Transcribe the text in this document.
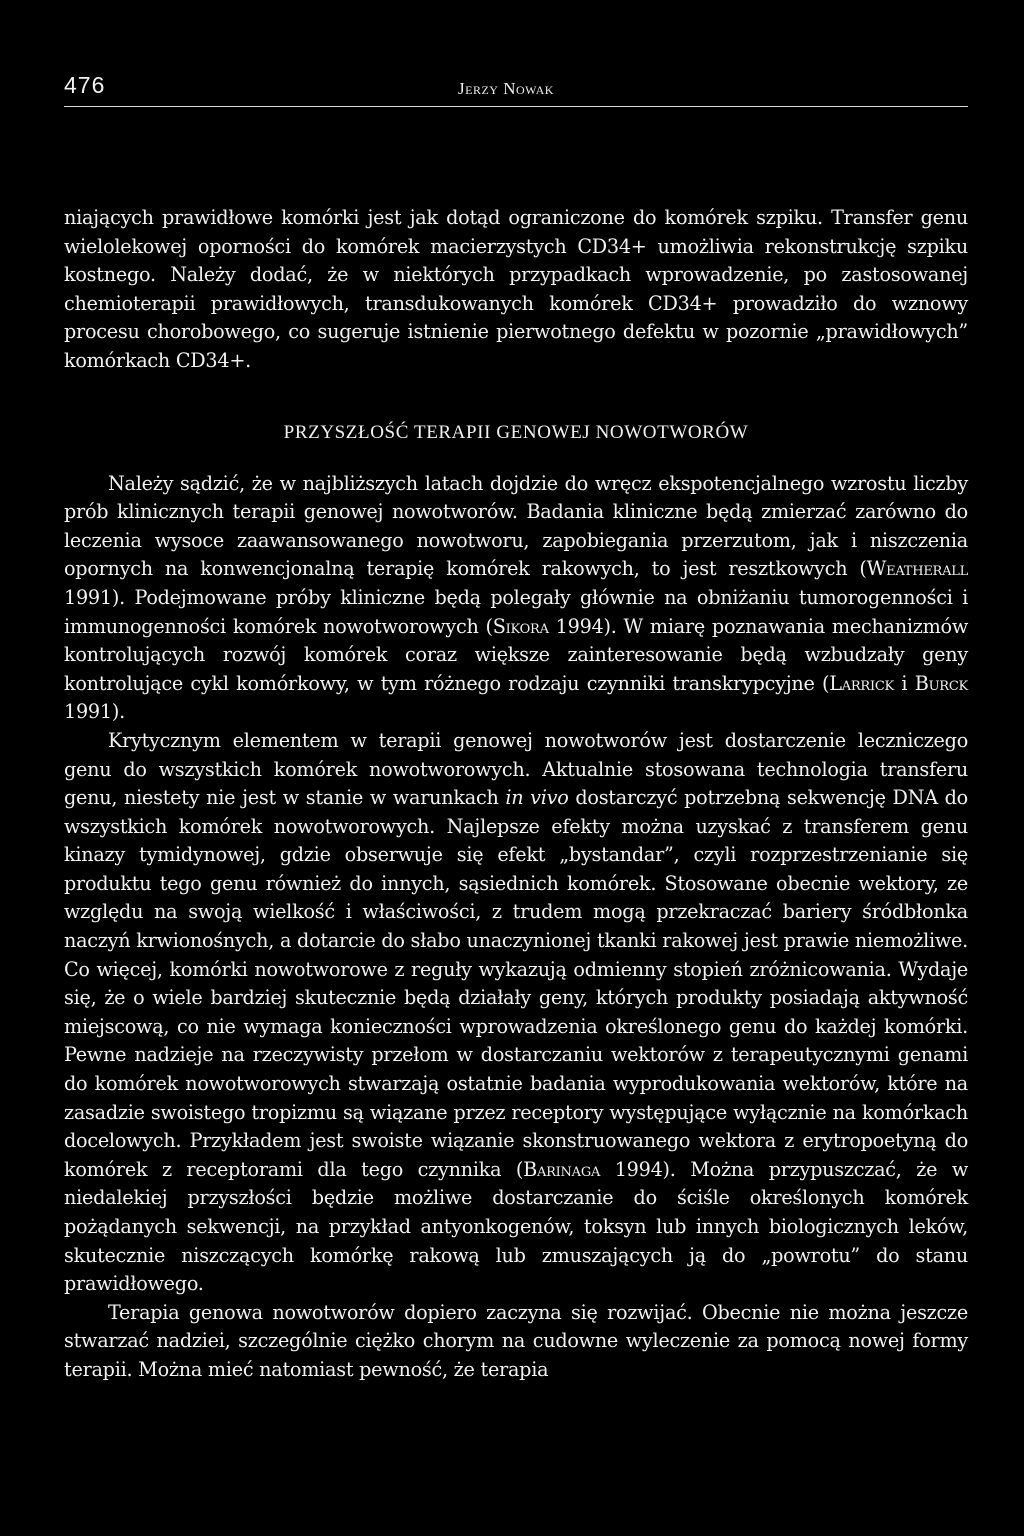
476	Jerzy Nowak

niających prawidłowe komórki jest jak dotąd ograniczone do komórek szpiku. Transfer genu wielolekowej oporności do komórek macierzystych CD34+ umożliwia rekonstrukcję szpiku kostnego. Należy dodać, że w niektórych przypadkach wprowadzenie, po zastosowanej chemioterapii prawidłowych, transdukowanych komórek CD34+ prowadziło do wznowy procesu chorobowego, co sugeruje istnienie pierwotnego defektu w pozornie „prawidłowych” komórkach CD34+.

PRZYSZŁOŚĆ TERAPII GENOWEJ NOWOTWORÓW

Należy sądzić, że w najbliższych latach dojdzie do wręcz ekspotencjalnego wzrostu liczby prób klinicznych terapii genowej nowotworów. Badania kliniczne będą zmierzać zarówno do leczenia wysoce zaawansowanego nowotworu, zapobiegania przerzutom, jak i niszczenia opornych na konwencjonalną terapię komórek rakowych, to jest resztkowych (Weatherall 1991). Podejmowane próby kliniczne będą polegały głównie na obniżaniu tumorogenności i immunogenności komórek nowotworowych (Sikora 1994). W miarę poznawania mechanizmów kontrolujących rozwój komórek coraz większe zainteresowanie będą wzbudzały geny kontrolujące cykl komórkowy, w tym różnego rodzaju czynniki transkrypcyjne (Larrick i Burck 1991).

Krytycznym elementem w terapii genowej nowotworów jest dostarczenie leczniczego genu do wszystkich komórek nowotworowych. Aktualnie stosowana technologia transferu genu, niestety nie jest w stanie w warunkach in vivo dostarczyć potrzebną sekwencję DNA do wszystkich komórek nowotworowych. Najlepsze efekty można uzyskać z transferem genu kinazy tymidynowej, gdzie obserwuje się efekt „bystandar”, czyli rozprzestrzenianie się produktu tego genu również do innych, sąsiednich komórek. Stosowane obecnie wektory, ze względu na swoją wielkość i właściwości, z trudem mogą przekraczać bariery śródbłonka naczyń krwionośnych, a dotarcie do słabo unaczynionej tkanki rakowej jest prawie niemożliwe. Co więcej, komórki nowotworowe z reguły wykazują odmienny stopień zróżnicowania. Wydaje się, że o wiele bardziej skutecznie będą działały geny, których produkty posiadają aktywność miejscową, co nie wymaga konieczności wprowadzenia określonego genu do każdej komórki. Pewne nadzieje na rzeczywisty przełom w dostarczaniu wektorów z terapeutycznymi genami do komórek nowotworowych stwarzają ostatnie badania wyprodukowania wektorów, które na zasadzie swoistego tropizmu są wiązane przez receptory występujące wyłącznie na komórkach docelowych. Przykładem jest swoiste wiązanie skonstruowanego wektora z erytropoetyną do komórek z receptorami dla tego czynnika (Barinaga 1994). Można przypuszczać, że w niedalekiej przyszłości będzie możliwe dostarczanie do ściśle określonych komórek pożądanych sekwencji, na przykład antyonkogenów, toksyn lub innych biologicznych leków, skutecznie niszczących komórkę rakową lub zmuszających ją do „powrotu” do stanu prawidłowego.

Terapia genowa nowotworów dopiero zaczyna się rozwijać. Obecnie nie można jeszcze stwarzać nadziei, szczególnie ciężko chorym na cudowne wyleczenie za pomocą nowej formy terapii. Można mieć natomiast pewność, że terapia
